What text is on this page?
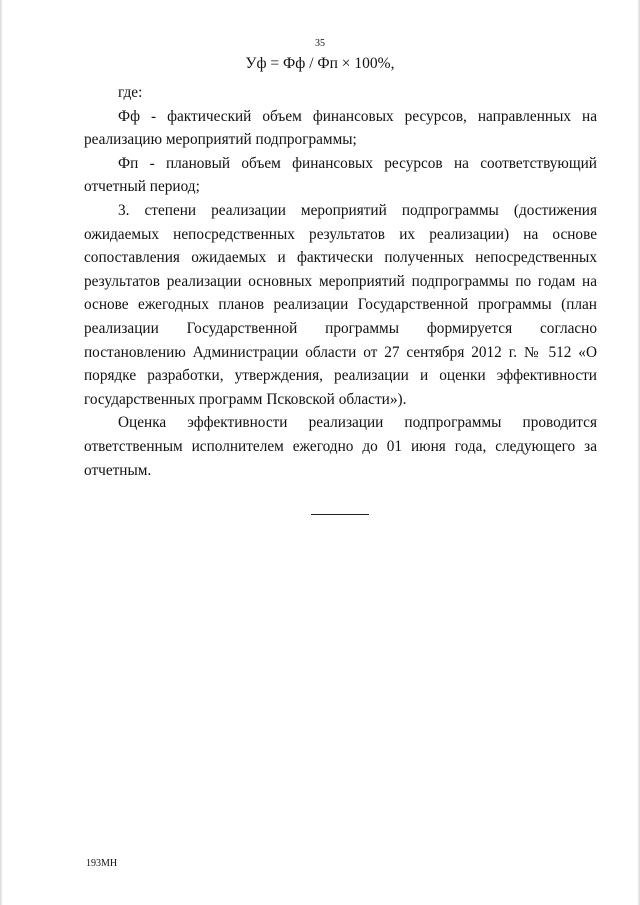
35
Уф = Фф / Фп × 100%,

где:

Фф - фактический объем финансовых ресурсов, направленных на реализацию мероприятий подпрограммы;

Фп - плановый объем финансовых ресурсов на соответствующий отчетный период;

3. степени реализации мероприятий подпрограммы (достижения ожидаемых непосредственных результатов их реализации) на основе сопоставления ожидаемых и фактически полученных непосредственных результатов реализации основных мероприятий подпрограммы по годам на основе ежегодных планов реализации Государственной программы (план реализации Государственной программы формируется согласно постановлению Администрации области от 27 сентября 2012 г. № 512 «О порядке разработки, утверждения, реализации и оценки эффективности государственных программ Псковской области»).

Оценка эффективности реализации подпрограммы проводится ответственным исполнителем ежегодно до 01 июня года, следующего за отчетным.

193МН
